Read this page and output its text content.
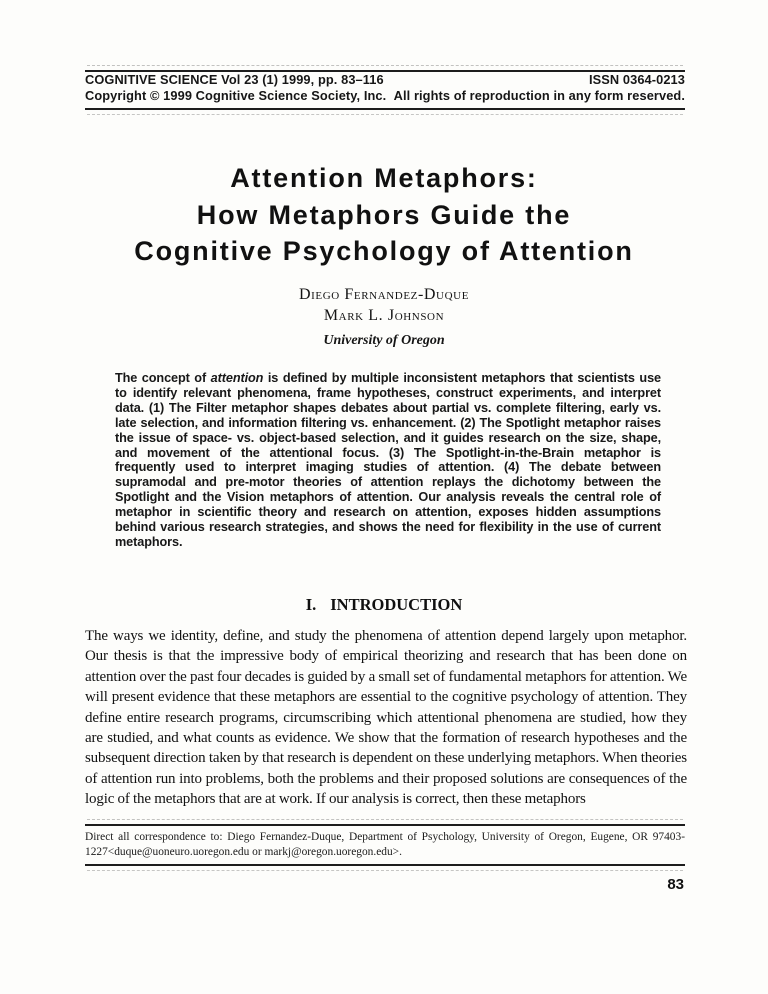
COGNITIVE SCIENCE Vol 23 (1) 1999, pp. 83–116	ISSN 0364-0213
Copyright © 1999 Cognitive Science Society, Inc. All rights of reproduction in any form reserved.
Attention Metaphors:
How Metaphors Guide the
Cognitive Psychology of Attention
Diego Fernandez-Duque
Mark L. Johnson
University of Oregon
The concept of attention is defined by multiple inconsistent metaphors that scientists use to identify relevant phenomena, frame hypotheses, construct experiments, and interpret data. (1) The Filter metaphor shapes debates about partial vs. complete filtering, early vs. late selection, and information filtering vs. enhancement. (2) The Spotlight metaphor raises the issue of space- vs. object-based selection, and it guides research on the size, shape, and movement of the attentional focus. (3) The Spotlight-in-the-Brain metaphor is frequently used to interpret imaging studies of attention. (4) The debate between supramodal and pre-motor theories of attention replays the dichotomy between the Spotlight and the Vision metaphors of attention. Our analysis reveals the central role of metaphor in scientific theory and research on attention, exposes hidden assumptions behind various research strategies, and shows the need for flexibility in the use of current metaphors.
I. INTRODUCTION
The ways we identity, define, and study the phenomena of attention depend largely upon metaphor. Our thesis is that the impressive body of empirical theorizing and research that has been done on attention over the past four decades is guided by a small set of fundamental metaphors for attention. We will present evidence that these metaphors are essential to the cognitive psychology of attention. They define entire research programs, circumscribing which attentional phenomena are studied, how they are studied, and what counts as evidence. We show that the formation of research hypotheses and the subsequent direction taken by that research is dependent on these underlying metaphors. When theories of attention run into problems, both the problems and their proposed solutions are consequences of the logic of the metaphors that are at work. If our analysis is correct, then these metaphors
Direct all correspondence to: Diego Fernandez-Duque, Department of Psychology, University of Oregon, Eugene, OR 97403-1227<duque@uoneuro.uoregon.edu or markj@oregon.uoregon.edu>.
83
